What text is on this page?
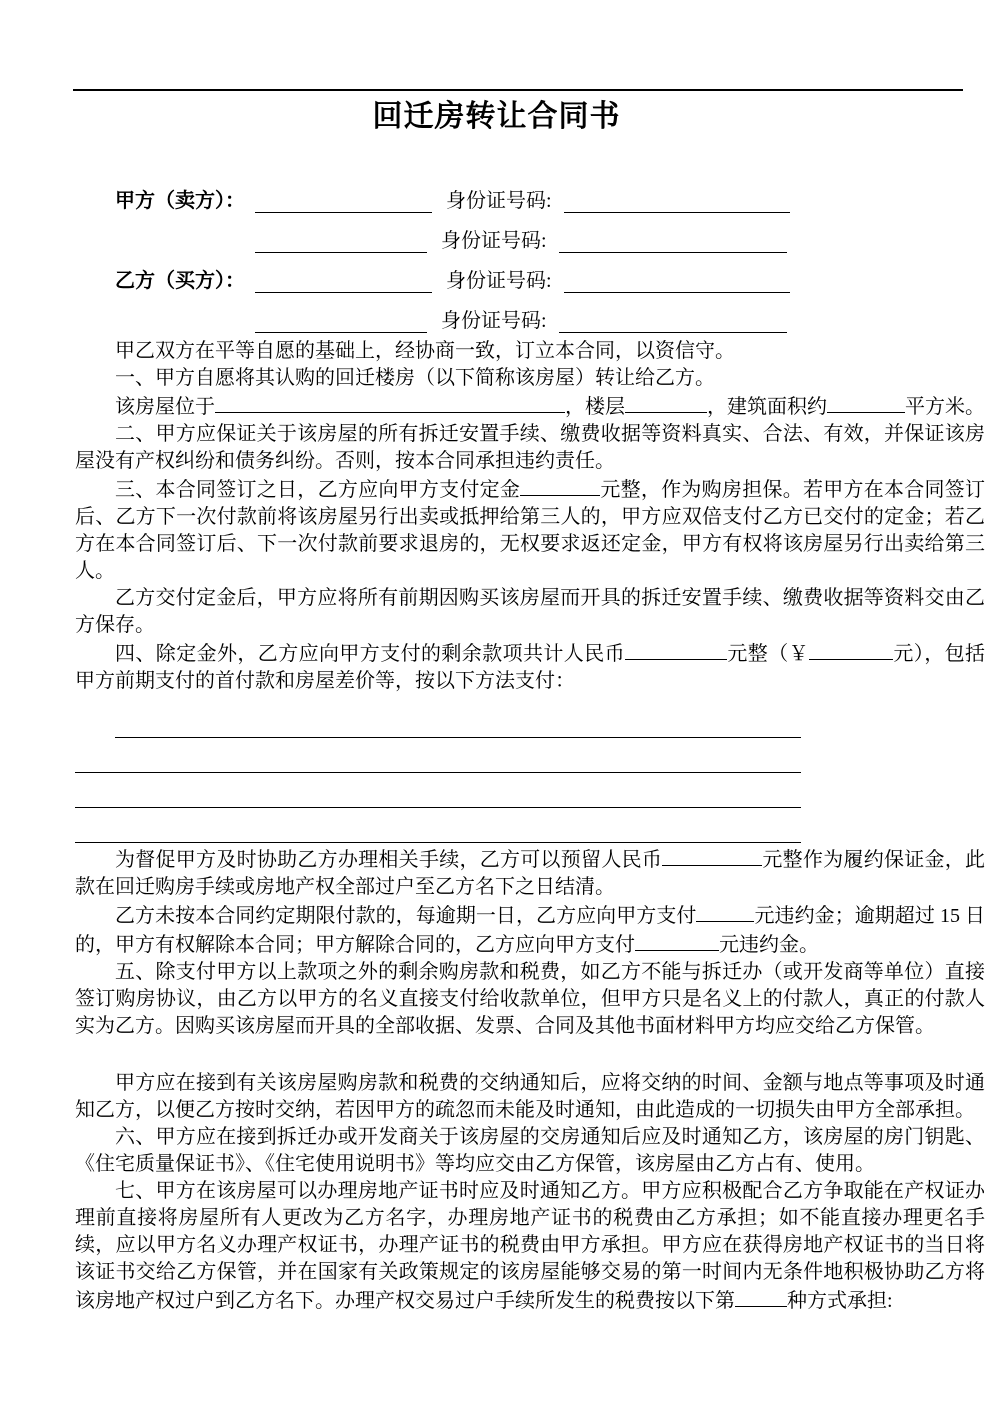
回迁房转让合同书
甲方（卖方）：	身份证号码:
身份证号码:
乙方（买方）：	身份证号码:
身份证号码:

甲乙双方在平等自愿的基础上，经协商一致，订立本合同，以资信守。

一、甲方自愿将其认购的回迁楼房（以下简称该房屋）转让给乙方。

该房屋位于	，楼层	，建筑面积约	平方米。

二、甲方应保证关于该房屋的所有拆迁安置手续、缴费收据等资料真实、合法、有效，并保证该房屋没有产权纠纷和债务纠纷。否则，按本合同承担违约责任。

三、本合同签订之日，乙方应向甲方支付定金	元整，作为购房担保。若甲方在本合同签订后、乙方下一次付款前将该房屋另行出卖或抵押给第三人的，甲方应双倍支付乙方已交付的定金；若乙方在本合同签订后、下一次付款前要求退房的，无权要求返还定金，甲方有权将该房屋另行出卖给第三人。

乙方交付定金后，甲方应将所有前期因购买该房屋而开具的拆迁安置手续、缴费收据等资料交由乙方保存。

四、除定金外，乙方应向甲方支付的剩余款项共计人民币	元整（￥	元），包括甲方前期支付的首付款和房屋差价等，按以下方法支付：

为督促甲方及时协助乙方办理相关手续，乙方可以预留人民币	元整作为履约保证金，此款在回迁购房手续或房地产权全部过户至乙方名下之日结清。

乙方未按本合同约定期限付款的，每逾期一日，乙方应向甲方支付	元违约金；逾期超过 15 日的，甲方有权解除本合同；甲方解除合同的，乙方应向甲方支付	元违约金。

五、除支付甲方以上款项之外的剩余购房款和税费，如乙方不能与拆迁办（或开发商等单位）直接签订购房协议，由乙方以甲方的名义直接支付给收款单位，但甲方只是名义上的付款人，真正的付款人实为乙方。因购买该房屋而开具的全部收据、发票、合同及其他书面材料甲方均应交给乙方保管。

甲方应在接到有关该房屋购房款和税费的交纳通知后，应将交纳的时间、金额与地点等事项及时通知乙方，以便乙方按时交纳，若因甲方的疏忽而未能及时通知，由此造成的一切损失由甲方全部承担。

六、甲方应在接到拆迁办或开发商关于该房屋的交房通知后应及时通知乙方，该房屋的房门钥匙、《住宅质量保证书》、《住宅使用说明书》等均应交由乙方保管，该房屋由乙方占有、使用。

七、甲方在该房屋可以办理房地产证书时应及时通知乙方。甲方应积极配合乙方争取能在产权证办理前直接将房屋所有人更改为乙方名字，办理房地产证书的税费由乙方承担；如不能直接办理更名手续，应以甲方名义办理产权证书，办理产证书的税费由甲方承担。甲方应在获得房地产权证书的当日将该证书交给乙方保管，并在国家有关政策规定的该房屋能够交易的第一时间内无条件地积极协助乙方将该房地产权过户到乙方名下。办理产权交易过户手续所发生的税费按以下第	种方式承担:
